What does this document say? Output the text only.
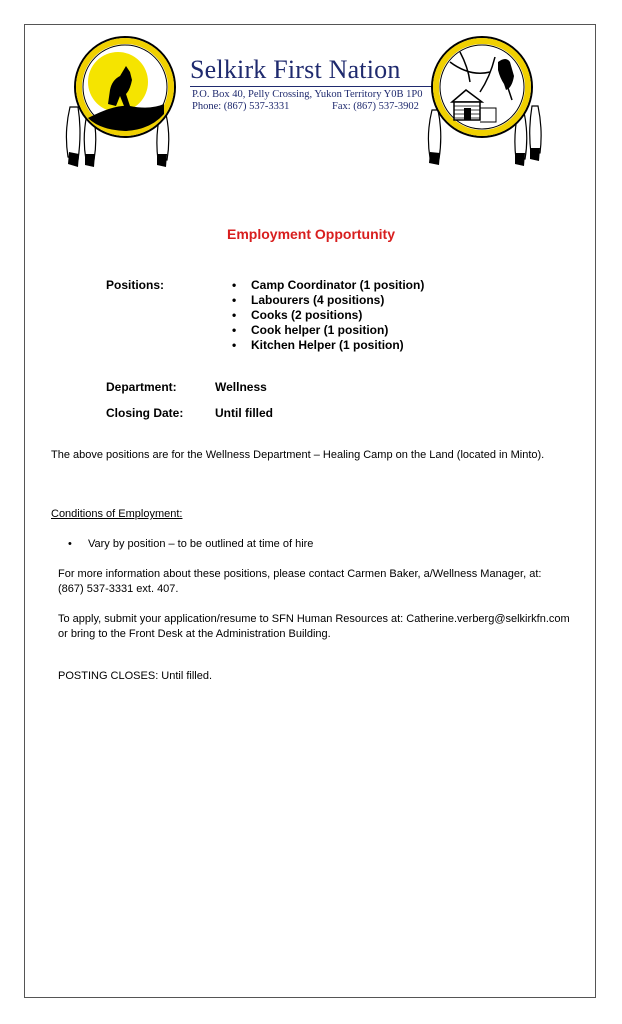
Selkirk First Nation
P.O. Box 40, Pelly Crossing, Yukon Territory Y0B 1P0
Phone: (867) 537-3331	Fax: (867) 537-3902
Employment Opportunity
Positions:	• Camp Coordinator (1 position)
• Labourers (4 positions)
• Cooks (2 positions)
• Cook helper (1 position)
• Kitchen Helper (1 position)
Department:	Wellness
Closing Date:	Until filled
The above positions are for the Wellness Department – Healing Camp on the Land (located in Minto).
Conditions of Employment:
• Vary by position – to be outlined at time of hire
For more information about these positions, please contact Carmen Baker, a/Wellness Manager, at: (867) 537-3331 ext. 407.
To apply, submit your application/resume to SFN Human Resources at: Catherine.verberg@selkirkfn.com or bring to the Front Desk at the Administration Building.
POSTING CLOSES: Until filled.
